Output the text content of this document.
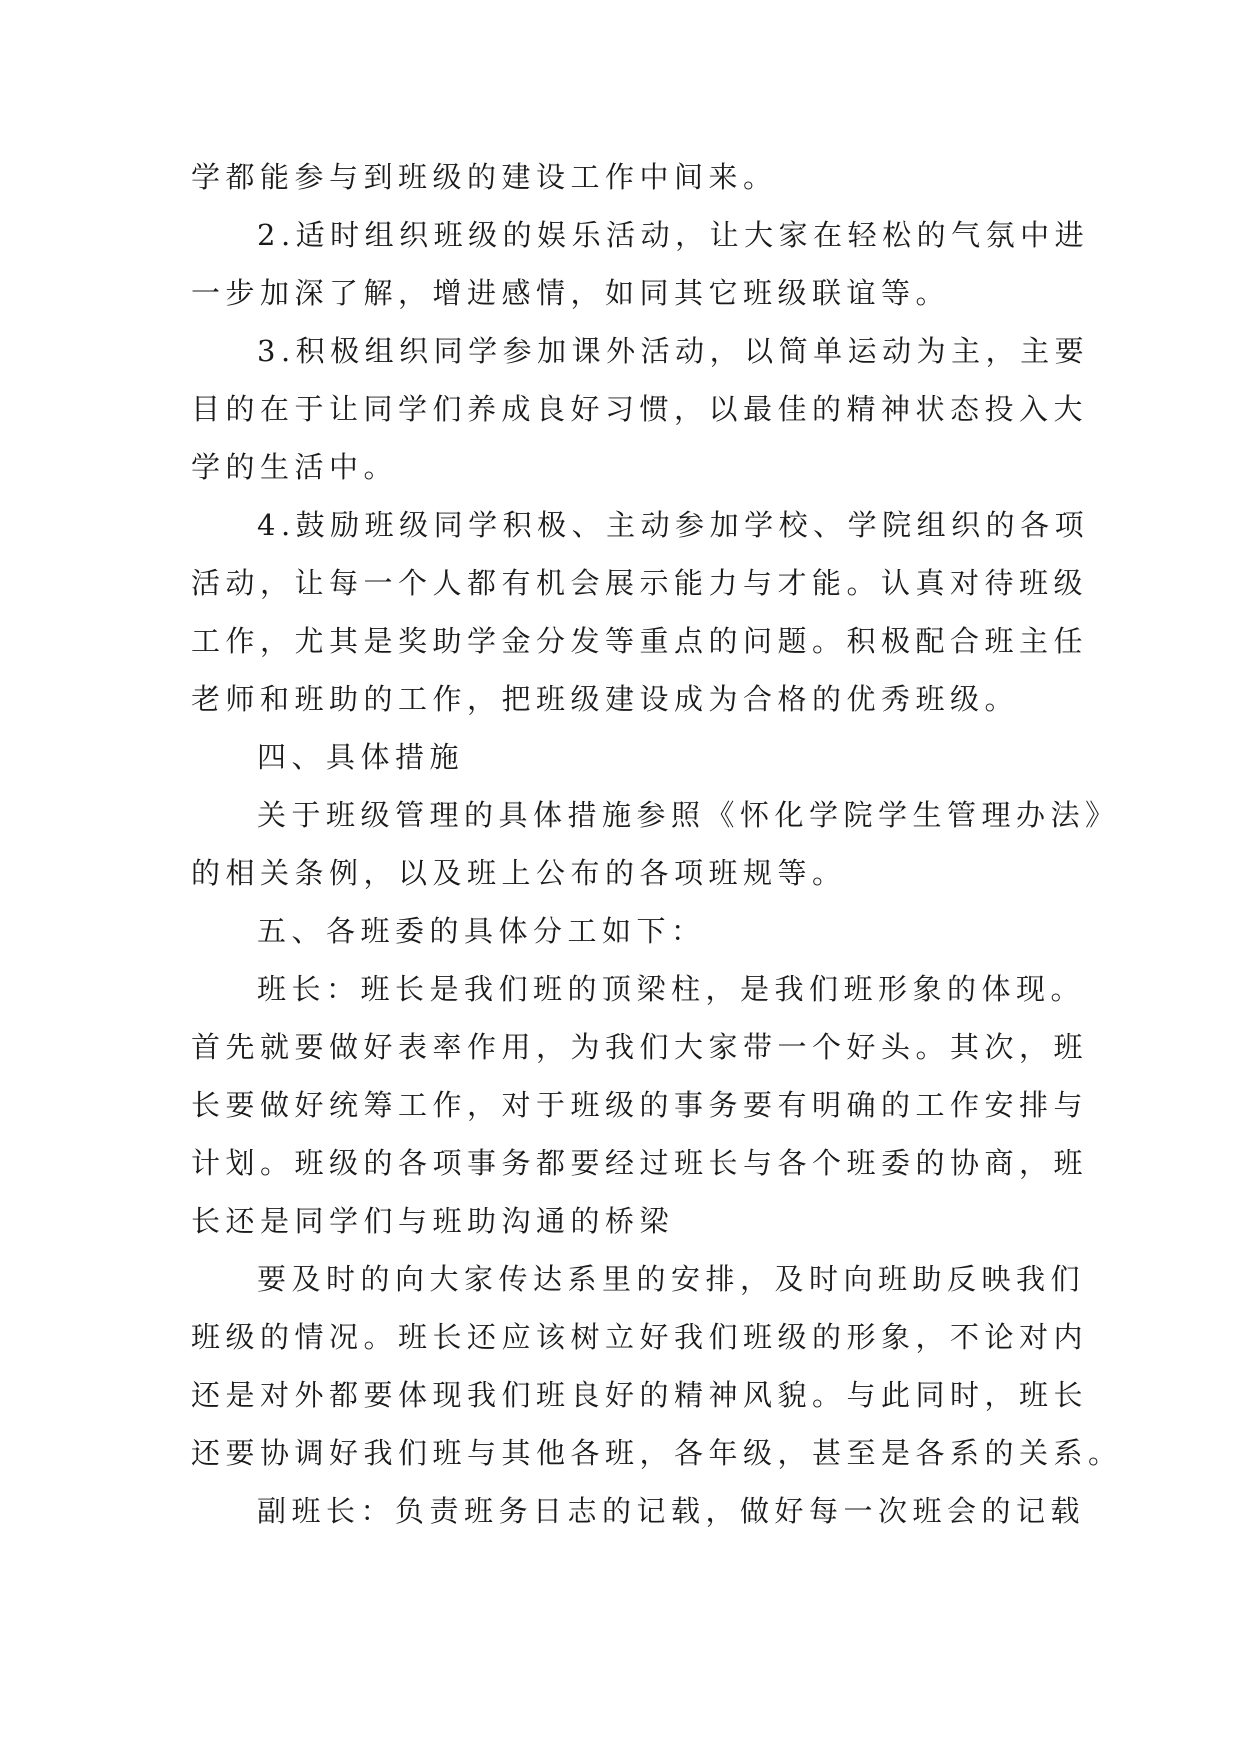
学都能参与到班级的建设工作中间来。
2.适时组织班级的娱乐活动，让大家在轻松的气氛中进
一步加深了解，增进感情，如同其它班级联谊等。
3.积极组织同学参加课外活动，以简单运动为主，主要
目的在于让同学们养成良好习惯，以最佳的精神状态投入大
学的生活中。
4.鼓励班级同学积极、主动参加学校、学院组织的各项
活动，让每一个人都有机会展示能力与才能。认真对待班级
工作，尤其是奖助学金分发等重点的问题。积极配合班主任
老师和班助的工作，把班级建设成为合格的优秀班级。
四、具体措施
关于班级管理的具体措施参照《怀化学院学生管理办法》
的相关条例，以及班上公布的各项班规等。
五、各班委的具体分工如下：
班长：班长是我们班的顶梁柱，是我们班形象的体现。
首先就要做好表率作用，为我们大家带一个好头。其次，班
长要做好统筹工作，对于班级的事务要有明确的工作安排与
计划。班级的各项事务都要经过班长与各个班委的协商，班
长还是同学们与班助沟通的桥梁
要及时的向大家传达系里的安排，及时向班助反映我们
班级的情况。班长还应该树立好我们班级的形象，不论对内
还是对外都要体现我们班良好的精神风貌。与此同时，班长
还要协调好我们班与其他各班，各年级，甚至是各系的关系。
副班长：负责班务日志的记载，做好每一次班会的记载
